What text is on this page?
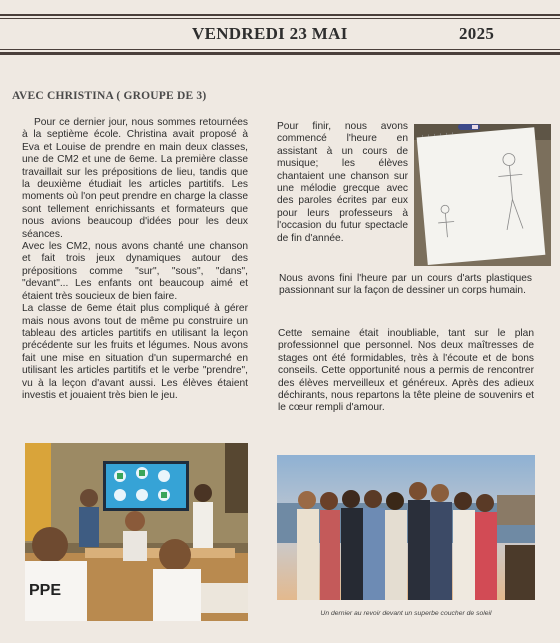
VENDREDI 23 MAI	2025
AVEC CHRISTINA ( GROUPE DE 3)

Pour ce dernier jour, nous sommes retournées à la septième école. Christina avait proposé à Eva et Louise de prendre en main deux classes, une de CM2 et une de 6eme. La première classe travaillait sur les prépositions de lieu, tandis que la deuxième étudiait les articles partitifs. Les moments où l'on peut prendre en charge la classe sont tellement enrichissants et formateurs que nous avions beaucoup d'idées pour les deux séances.

Avec les CM2, nous avons chanté une chanson et fait trois jeux dynamiques autour des prépositions comme "sur", "sous", "dans", "devant"... Les enfants ont beaucoup aimé et étaient très soucieux de bien faire.

La classe de 6eme était plus compliqué à gérer mais nous avons tout de même pu construire un tableau des articles partitifs en utilisant la leçon précédente sur les fruits et légumes. Nous avons fait une mise en situation d'un supermarché en utilisant les articles partitifs et le verbe "prendre", vu à la leçon d'avant aussi. Les élèves étaient investis et jouaient très bien le jeu.

Pour finir, nous avons commencé l'heure en assistant à un cours de musique; les élèves chantaient une chanson sur une mélodie grecque avec des paroles écrites par eux pour leurs professeurs à l'occasion du futur spectacle de fin d'année.
Nous avons fini l'heure par un cours d'arts plastiques passionnant sur la façon de dessiner un corps humain.
Cette semaine était inoubliable, tant sur le plan professionnel que personnel. Nos deux maîtresses de stages ont été formidables, très à l'écoute et de bons conseils. Cette opportunité nous a permis de rencontrer des élèves merveilleux et généreux. Après des adieux déchirants, nous repartons la tête pleine de souvenirs et le cœur rempli d'amour.
PPE
Un dernier au revoir devant un superbe coucher de soleil
